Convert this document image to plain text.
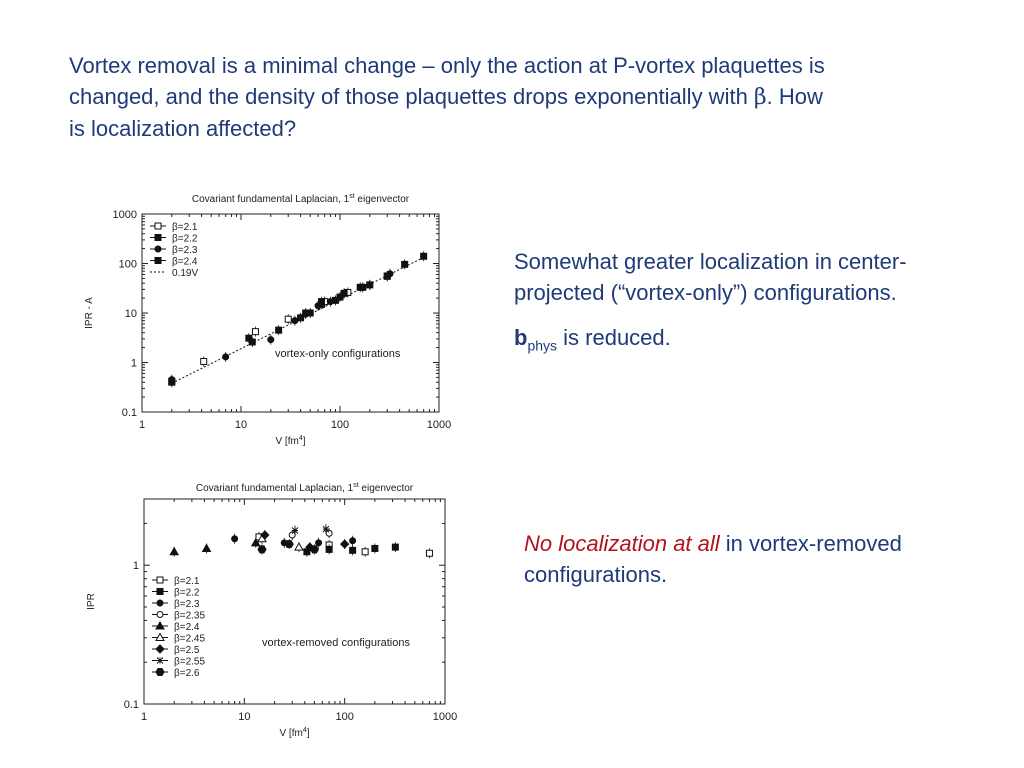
Vortex removal is a minimal change – only the action at P-vortex plaquettes is
changed, and the density of those plaquettes drops exponentially with β. How
is localization affected?

Somewhat greater localization in center-projected (“vortex-only”) configurations.

$b_{phys}$ is reduced.

No localization at all in vortex-removed configurations.
1	10	100	1000
0.1
1
10
100
1000
Covariant fundamental Laplacian, 1st eigenvector
V $[fm^4]$
IPR - A
vortex-only configurations
β=2.1
β=2.2
β=2.3
β=2.4
0.19V
1	10	100	1000
0.1
1
Covariant fundamental Laplacian, 1st eigenvector
V $[fm^4]$
IPR
vortex-removed configurations
β=2.1
β=2.2
β=2.3
β=2.35
β=2.4
β=2.45
β=2.5
β=2.55
β=2.6
